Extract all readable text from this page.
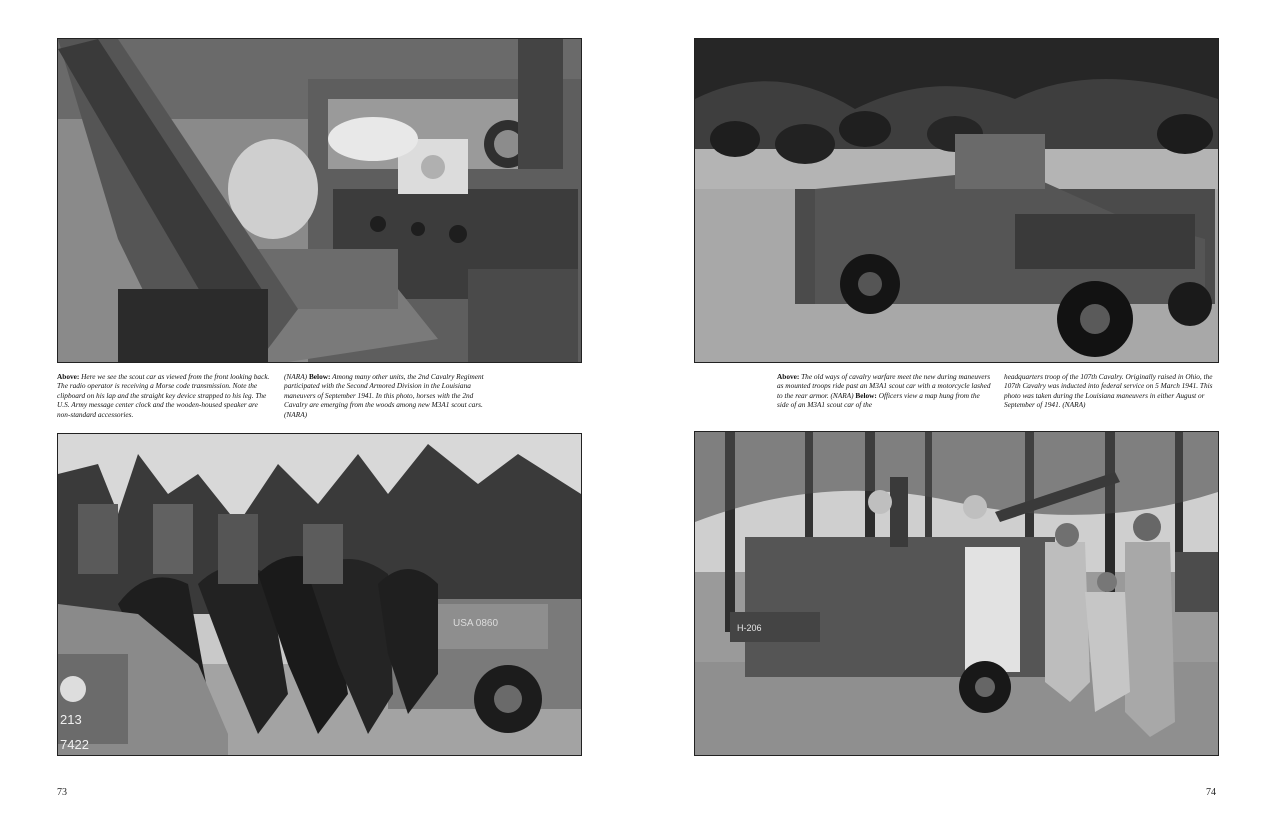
Above: Here we see the scout car as viewed from the front looking back. The radio operator is receiving a Morse code transmission. Note the clipboard on his lap and the straight key device strapped to his leg. The U.S. Army message center clock and the wooden-housed speaker are non-standard accessories.
(NARA) Below: Among many other units, the 2nd Cavalry Regiment participated with the Second Armored Division in the Louisiana maneuvers of September 1941. In this photo, horses with the 2nd Cavalry are emerging from the woods among new M3A1 scout cars. (NARA)
Above: The old ways of cavalry warfare meet the new during maneuvers as mounted troops ride past an M3A1 scout car with a motorcycle lashed to the rear armor. (NARA) Below: Officers view a map hung from the side of an M3A1 scout car of the
headquarters troop of the 107th Cavalry. Originally raised in Ohio, the 107th Cavalry was inducted into federal service on 5 March 1941. This photo was taken during the Louisiana maneuvers in either August or September of 1941. (NARA)
213
7422
USA 0860	H-206
73	74
